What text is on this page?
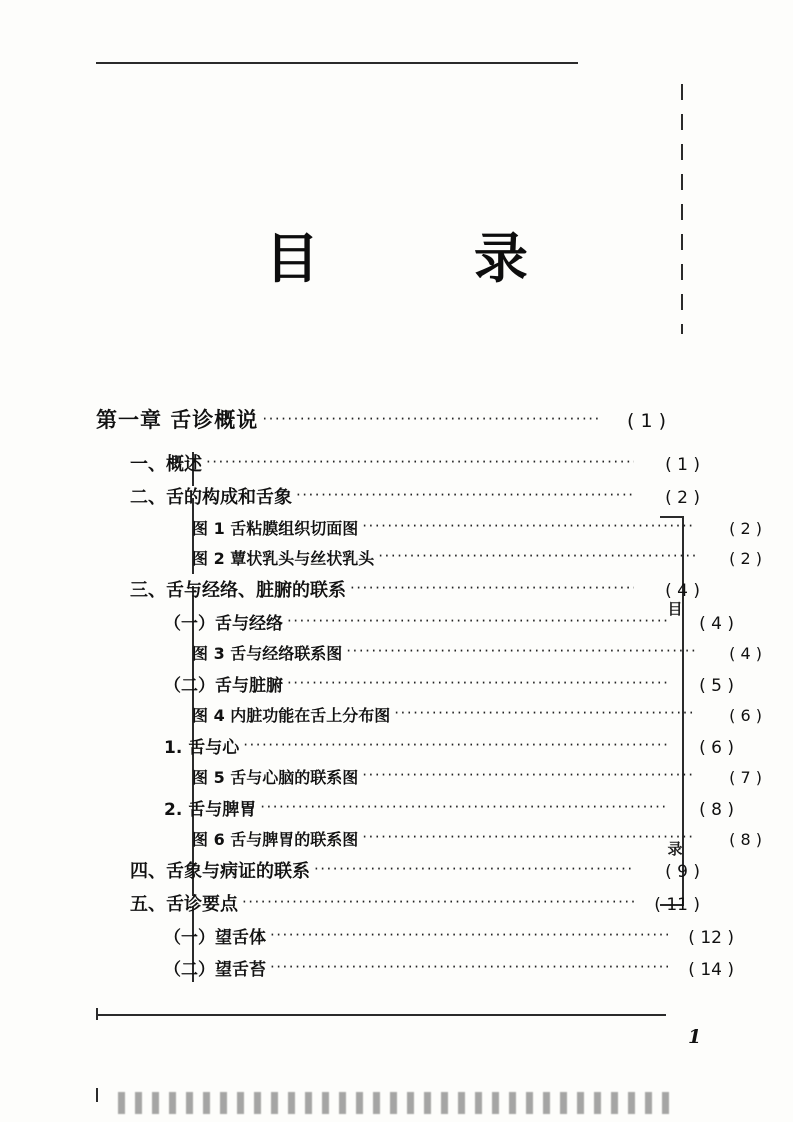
目
录
目 录
第一章 舌诊概说 ·····	( 1 )
一、概述 ·····	( 1 )
二、舌的构成和舌象 ·····	( 2 )
图 1 舌粘膜组织切面图 ·····	( 2 )
图 2 蕈状乳头与丝状乳头 ·····	( 2 )
三、舌与经络、脏腑的联系 ·····	( 4 )
（一）舌与经络 ·····	( 4 )
图 3 舌与经络联系图 ·····	( 4 )
（二）舌与脏腑 ·····	( 5 )
图 4 内脏功能在舌上分布图 ·····	( 6 )
1. 舌与心 ·····	( 6 )
图 5 舌与心脑的联系图 ·····	( 7 )
2. 舌与脾胃 ·····	( 8 )
图 6 舌与脾胃的联系图 ·····	( 8 )
四、舌象与病证的联系 ·····	( 9 )
五、舌诊要点 ·····	( 11 )
（一）望舌体 ·····	( 12 )
（二）望舌苔 ·····	( 14 )
1
